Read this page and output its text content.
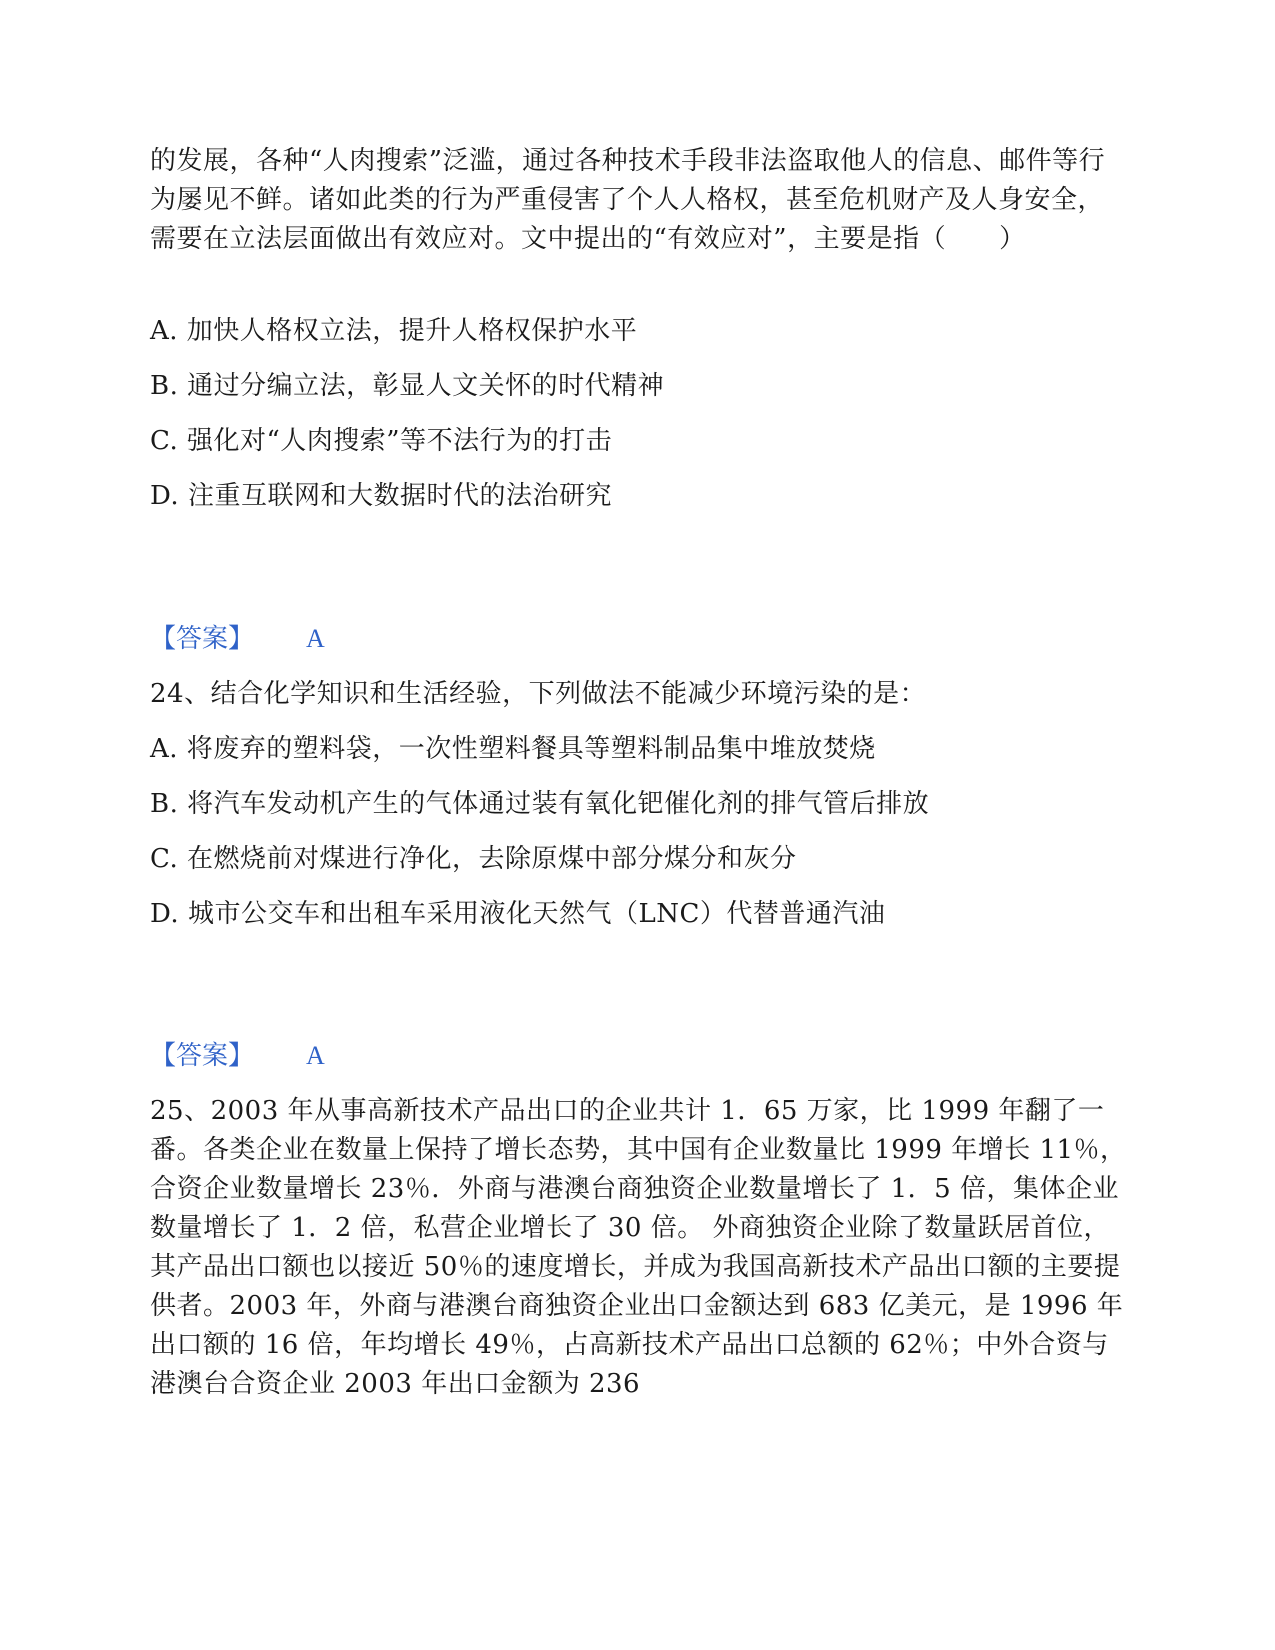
的发展，各种“人肉搜索”泛滥，通过各种技术手段非法盗取他人的信息、邮件等行为屡见不鲜。诸如此类的行为严重侵害了个人人格权，甚至危机财产及人身安全，需要在立法层面做出有效应对。文中提出的“有效应对”，主要是指（　　）
A. 加快人格权立法，提升人格权保护水平
B. 通过分编立法，彰显人文关怀的时代精神
C. 强化对“人肉搜索”等不法行为的打击
D. 注重互联网和大数据时代的法治研究
【答案】 A
24、结合化学知识和生活经验，下列做法不能减少环境污染的是：
A. 将废弃的塑料袋，一次性塑料餐具等塑料制品集中堆放焚烧
B. 将汽车发动机产生的气体通过装有氧化钯催化剂的排气管后排放
C. 在燃烧前对煤进行净化，去除原煤中部分煤分和灰分
D. 城市公交车和出租车采用液化天然气（LNC）代替普通汽油
【答案】 A
25、2003 年从事高新技术产品出口的企业共计 1．65 万家，比 1999 年翻了一番。各类企业在数量上保持了增长态势，其中国有企业数量比 1999 年增长 11％，合资企业数量增长 23％．外商与港澳台商独资企业数量增长了 1．5 倍，集体企业数量增长了 1．2 倍，私营企业增长了 30 倍。 外商独资企业除了数量跃居首位，其产品出口额也以接近 50％的速度增长，并成为我国高新技术产品出口额的主要提供者。2003 年，外商与港澳台商独资企业出口金额达到 683 亿美元，是 1996 年出口额的 16 倍，年均增长 49％，占高新技术产品出口总额的 62％；中外合资与港澳台合资企业 2003 年出口金额为 236
